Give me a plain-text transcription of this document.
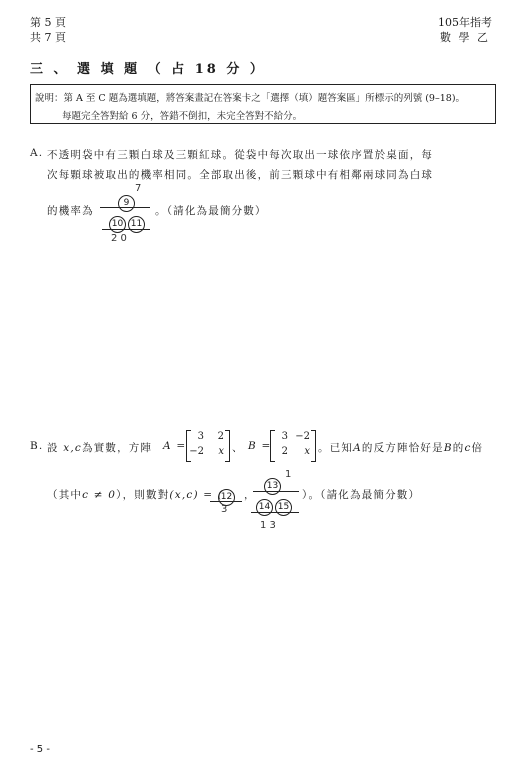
第 5 頁
共 7 頁
105年指考
數 學 乙
三 、 選 填 題 （ 占 18 分 ）
說明：第 A 至 C 題為選填題，將答案畫記在答案卡之「選擇（填）題答案區」所標示的列號 (9–18)。
每題完全答對給 6 分，答錯不倒扣，未完全答對不給分。
A. 不透明袋中有三顆白球及三顆紅球。從袋中每次取出一球依序置於桌面，每
次每顆球被取出的機率相同。全部取出後，前三顆球中有相鄰兩球同為白球
的機率為
9
7
10 11
2 0
。（請化為最簡分數）
B. 設 x,c為實數，方陣 A =
3	2
−2	x 、 B =
3 −2
2	x 。已知A的反方陣恰好是B的c倍
（其中c ≠ 0），則數對(x,c) = (
12
3
，
13
1
14 15
1 3
）。（請化為最簡分數）
- 5 -
